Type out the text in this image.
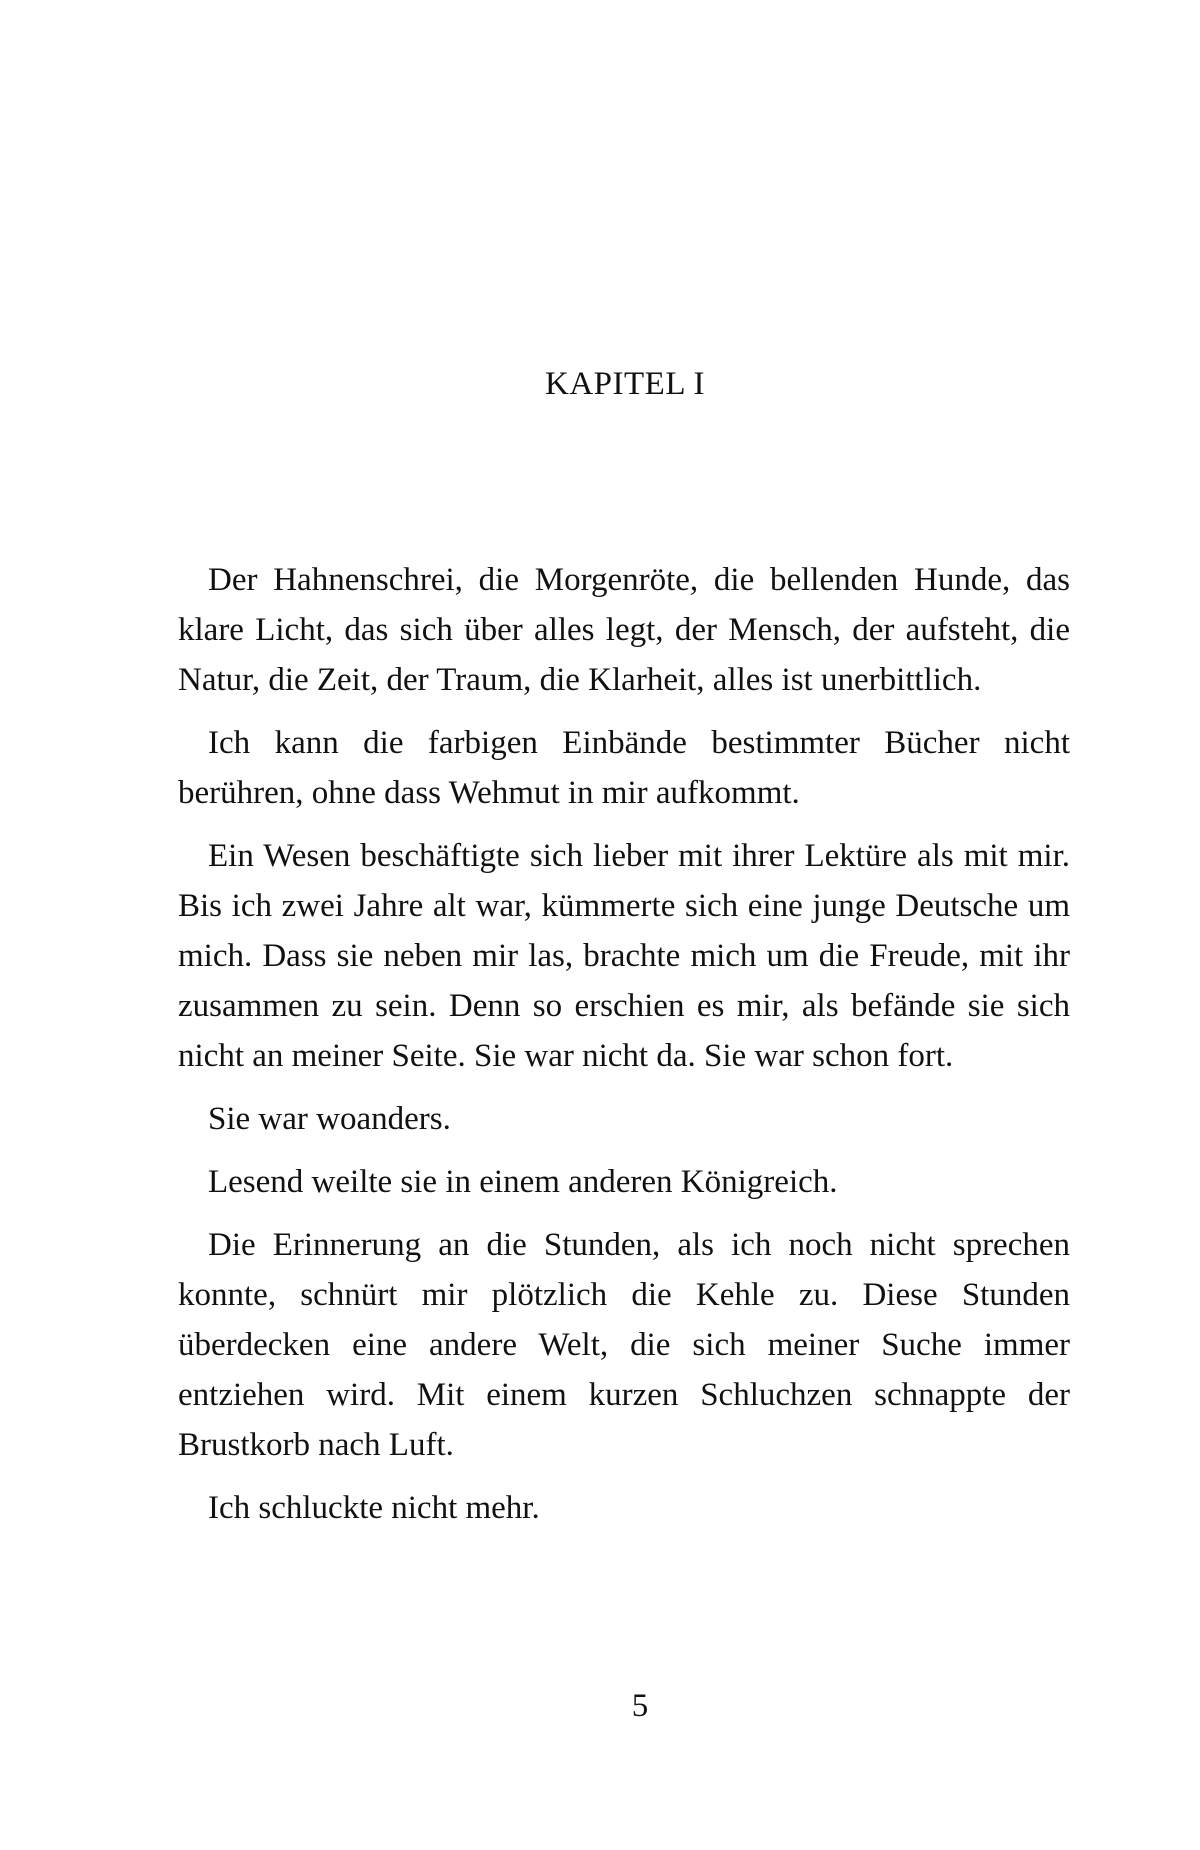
KAPITEL I

Der Hahnenschrei, die Morgenröte, die bellenden Hunde, das klare Licht, das sich über alles legt, der Mensch, der aufsteht, die Natur, die Zeit, der Traum, die Klarheit, alles ist unerbittlich.

Ich kann die farbigen Einbände bestimmter Bücher nicht berühren, ohne dass Wehmut in mir aufkommt.

Ein Wesen beschäftigte sich lieber mit ihrer Lektüre als mit mir. Bis ich zwei Jahre alt war, kümmerte sich eine junge Deutsche um mich. Dass sie neben mir las, brachte mich um die Freude, mit ihr zusammen zu sein. Denn so erschien es mir, als befände sie sich nicht an meiner Seite. Sie war nicht da. Sie war schon fort.

Sie war woanders.

Lesend weilte sie in einem anderen Königreich.

Die Erinnerung an die Stunden, als ich noch nicht sprechen konnte, schnürt mir plötzlich die Kehle zu. Diese Stunden überdecken eine andere Welt, die sich meiner Suche immer entziehen wird. Mit einem kurzen Schluchzen schnappte der Brustkorb nach Luft.

Ich schluckte nicht mehr.

5
